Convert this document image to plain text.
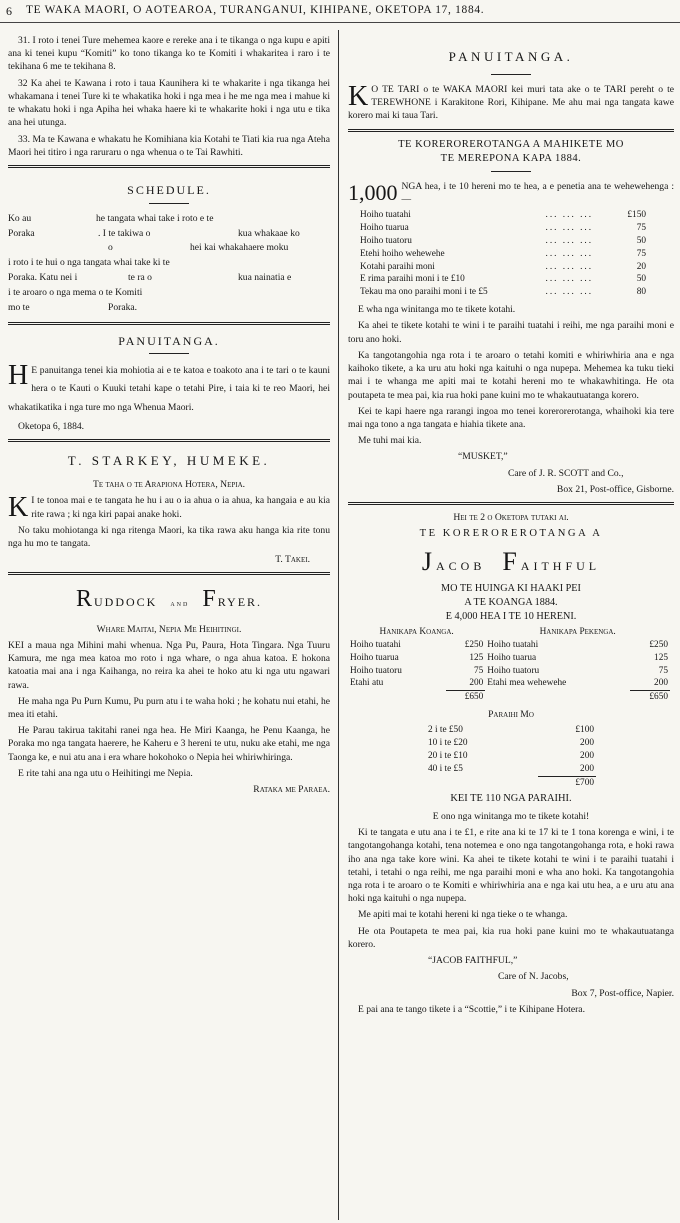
6 TE WAKA MAORI, O AOTEAROA, TURANGANUI, KIHIPANE, OKETOPA 17, 1884.

31. I roto i tenei Ture mehemea kaore e rereke ana i te tikanga o nga kupu e apiti ana ki tenei kupu “Komiti” ko tono tikanga ko te Komiti i whakaritea i raro i te tekihana 6 me te tekihana 8.

32 Ka ahei te Kawana i roto i taua Kaunihera ki te whakarite i nga tikanga hei whakamana i tenei Ture ki te whakatika hoki i nga mea i he me nga mea i mahue ki te whakatu hoki i nga Apiha hei whaka haere ki te whakarite hoki i nga utu e tika ana hei utunga.

33. Ma te Kawana e whakatu he Komihiana kia Kotahi te Tiati kia rua nga Ateha Maori hei titiro i nga raruraru o nga whenua o te Tai Rawhiti.

SCHEDULE.
Ko au	he tangata whai take i roto e te
Poraka	. I te takiwa o	kua whakaae ko
o	hei kai whakahaere moku
i roto i te hui o nga tangata whai take ki te
Poraka. Katu nei i	te ra o	kua nainatia e
i te aroaro o nga mema o te Komiti
mo te	Poraka.
PANUITANGA.

H E panuitanga tenei kia mohiotia ai e te katoa e toakoto ana i te tari o te kauni hera o te Kauti o Kuuki tetahi kape o tetahi Pire, i taia ki te reo Maori, hei whakatikatika i nga ture mo nga Whenua Maori.

Oketopa 6, 1884.

T. STARKEY, HUMEKE.

Te taha o te Arapiona Hotera, Nepia.

K I te tonoa mai e te tangata he hu i au o ia ahua o ia ahua, ka hangaia e au kia rite rawa ; ki nga kiri papai anake hoki.

No taku mohiotanga ki nga ritenga Maori, ka tika rawa aku hanga kia rite tonu nga hu mo te tangata.

T. Takei.

RUDDOCK and FRYER.

Whare Maitai, Nepia Me Heihitingi.

KEI a maua nga Mihini mahi whenua. Nga Pu, Paura, Hota Tingara. Nga Tuuru Kamura, me nga mea katoa mo roto i nga whare, o nga ahua katoa. E hokona katoatia mai ana i nga Kaihanga, no reira ka ahei te hoko atu ki nga utu ngawari rawa.

He maha nga Pu Purn Kumu, Pu purn atu i te waha hoki ; he kohatu nui etahi, he mea iti etahi.

He Parau takirua takitahi ranei nga hea. He Miri Kaanga, he Penu Kaanga, he Poraka mo nga tangata haerere, he Kaheru e 3 hereni te utu, nuku ake etahi, me nga Taonga ke, e nui atu ana i era whare hokohoko o Nepia hei whiriwhiringa.

E rite tahi ana nga utu o Heihitingi me Nepia.

Rataka me Paraea.

PANUITANGA.

K O TE TARI o te WAKA MAORI kei muri tata ake o te TARI pereht o te TEREWHONE i Karakitone Rori, Kihipane. Me ahu mai nga tangata kawe korero mai ki taua Tari.

TE KOREROREROTANGA A MAHIKETE MO
TE MEREPONA KAPA 1884.

1,000 NGA hea, i te 10 hereni mo te hea, a e penetia ana te wehewehenga :—

Hoiho tuatahi	... ... ...	£150
Hoiho tuarua	... ... ...	75
Hoiho tuatoru	... ... ...	50
Etehi hoiho wehewehe	... ... ...	75
Kotahi paraihi moni	... ... ...	20
E rima paraihi moni i te £10	... ... ...	50
Tekau ma ono paraihi moni i te £5	... ... ...	80

E wha nga winitanga mo te tikete kotahi.

Ka ahei te tikete kotahi te wini i te paraihi tuatahi i reihi, me nga paraihi moni e toru ano hoki.

Ka tangotangohia nga rota i te aroaro o tetahi komiti e whiriwhiria ana e nga kaihoko tikete, a ka uru atu hoki nga kaituhi o nga nupepa. Mehemea ka tuku tieki mai i te whanga me apiti mai te kotahi hereni mo te whakawhitinga. He ota poutapeta te mea pai, kia rua hoki pane kuini mo te whakautuatanga korero.

Kei te kapi haere nga rarangi ingoa mo tenei korerorerotanga, whaihoki kia tere mai nga tono a nga tangata e hiahia tikete ana.

Me tuhi mai kia.

“MUSKET,”

Care of J. R. SCOTT and Co.,

Box 21, Post-office, Gisborne.

Hei te 2 o Oketopa tutaki ai.

TE KOREROREROTANGA A
JACOB FAITHFUL
MO TE HUINGA KI HAAKI PEI
A TE KOANGA 1884.
E 4,000 HEA I TE 10 HERENI.
Hanikapa Koanga.		Hanikapa Pekenga.	
Hoiho tuatahi	£250	Hoiho tuatahi	£250
Hoiho tuarua	125	Hoiho tuarua	125
Hoiho tuatoru	75	Hoiho tuatoru	75
Etahi atu	200	Etahi mea wehewehe	200
	£650		£650

Paraihi Mo

2 i te £50	£100
10 i te £20	200
20 i te £10	200
40 i te £5	200
	£700

KEI TE 110 NGA PARAIHI.

E ono nga winitanga mo te tikete kotahi!

Ki te tangata e utu ana i te £1, e rite ana ki te 17 ki te 1 tona korenga e wini, i te tangotangohanga kotahi, tena notemea e ono nga tangotangohanga rota, e hoki rawa iho ana nga take kore wini. Ka ahei te tikete kotahi te wini i te paraihi tuatahi i tetahi, i tetahi o nga reihi, me nga paraihi moni e wha ano hoki. Ka tangotangohia nga rota i te aroaro o te Komiti e whiriwhiria ana e nga kai utu hea, a e uru atu ana hoki nga kaituhi o nga nupepa.

Me apiti mai te kotahi hereni ki nga tieke o te whanga.

He ota Poutapeta te mea pai, kia rua hoki pane kuini mo te whakautuatanga korero.

“JACOB FAITHFUL,”

Care of N. Jacobs,

Box 7, Post-office, Napier.

E pai ana te tango tikete i a “Scottie,” i te Kihipane Hotera.
